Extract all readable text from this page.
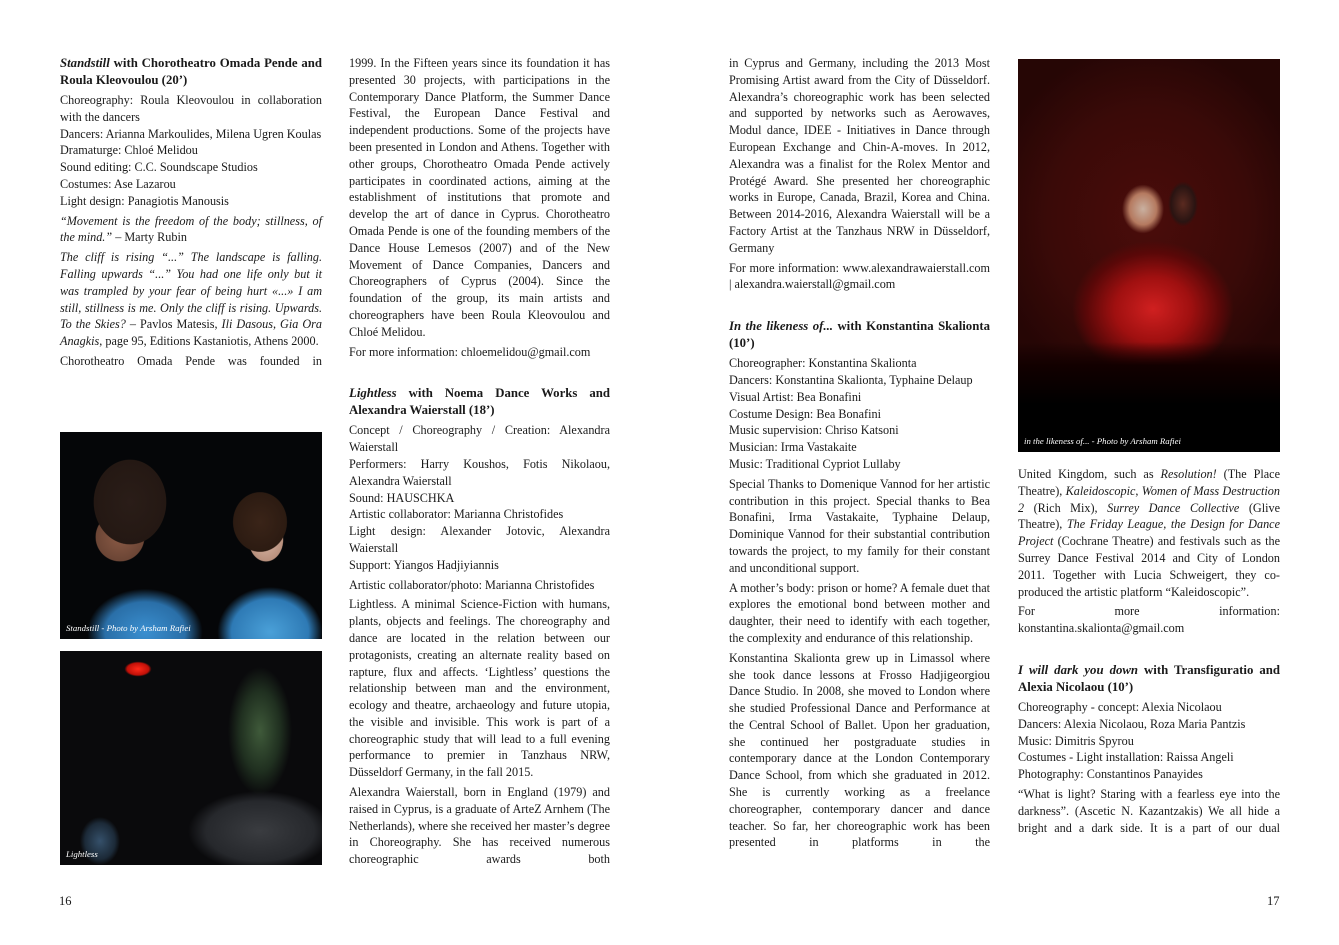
Standstill with Chorotheatro Omada Pende and Roula Kleovoulou (20’)

Choreography: Roula Kleovoulou in collaboration with the dancers

Dancers: Arianna Markoulides, Milena Ugren Koulas

Dramaturge: Chloé Melidou

Sound editing: C.C. Soundscape Studios

Costumes: Ase Lazarou

Light design: Panagiotis Manousis

“Movement is the freedom of the body; stillness, of the mind.” – Marty Rubin

The cliff is rising “...” The landscape is falling. Falling upwards “...” You had one life only but it was trampled by your fear of being hurt «...» I am still, stillness is me. Only the cliff is rising. Upwards. To the Skies? – Pavlos Matesis, Ili Dasous, Gia Ora Anagkis, page 95, Editions Kastaniotis, Athens 2000.

Chorotheatro Omada Pende was founded in

Standstill - Photo by Arsham Rafiei
Lightless

1999. In the Fifteen years since its foundation it has presented 30 projects, with participations in the Contemporary Dance Platform, the Summer Dance Festival, the European Dance Festival and independent productions. Some of the projects have been presented in London and Athens. Together with other groups, Chorotheatro Omada Pende actively participates in coordinated actions, aiming at the establishment of institutions that promote and develop the art of dance in Cyprus. Chorotheatro Omada Pende is one of the founding members of the Dance House Lemesos (2007) and of the New Movement of Dance Companies, Dancers and Choreographers of Cyprus (2004). Since the foundation of the group, its main artists and choreographers have been Roula Kleovoulou and Chloé Melidou.

For more information: chloemelidou@gmail.com

Lightless with Noema Dance Works and Alexandra Waierstall (18’)

Concept / Choreography / Creation: Alexandra Waierstall

Performers: Harry Koushos, Fotis Nikolaou, Alexandra Waierstall

Sound: HAUSCHKA

Artistic collaborator: Marianna Christofides

Light design: Alexander Jotovic, Alexandra Waierstall

Support: Yiangos Hadjiyiannis

Artistic collaborator/photo: Marianna Christofides

Lightless. A minimal Science-Fiction with humans, plants, objects and feelings. The choreography and dance are located in the relation between our protagonists, creating an alternate reality based on rapture, flux and affects. ‘Lightless’ questions the relationship between man and the environment, ecology and theatre, archaeology and future utopia, the visible and invisible. This work is part of a choreographic study that will lead to a full evening performance to premier in Tanzhaus NRW, Düsseldorf Germany, in the fall 2015.

Alexandra Waierstall, born in England (1979) and raised in Cyprus, is a graduate of ArteZ Arnhem (The Netherlands), where she received her master’s degree in Choreography. She has received numerous choreographic awards both

16

in Cyprus and Germany, including the 2013 Most Promising Artist award from the City of Düsseldorf. Alexandra’s choreographic work has been selected and supported by networks such as Aerowaves, Modul dance, IDEE - Initiatives in Dance through European Exchange and Chin-A-moves. In 2012, Alexandra was a finalist for the Rolex Mentor and Protégé Award. She presented her choreographic works in Europe, Canada, Brazil, Korea and China. Between 2014-2016, Alexandra Waierstall will be a Factory Artist at the Tanzhaus NRW in Düsseldorf, Germany

For more information: www.alexandrawaierstall.com | alexandra.waierstall@gmail.com

In the likeness of... with Konstantina Skalionta (10’)

Choreographer: Konstantina Skalionta

Dancers: Konstantina Skalionta, Typhaine Delaup

Visual Artist: Bea Bonafini

Costume Design: Bea Bonafini

Music supervision: Chriso Katsoni

Musician: Irma Vastakaite

Music: Traditional Cypriot Lullaby

Special Thanks to Domenique Vannod for her artistic contribution in this project. Special thanks to Bea Bonafini, Irma Vastakaite, Typhaine Delaup, Dominique Vannod for their substantial contribution towards the project, to my family for their constant and unconditional support.

A mother’s body: prison or home? A female duet that explores the emotional bond between mother and daughter, their need to identify with each together, the complexity and endurance of this relationship.

Konstantina Skalionta grew up in Limassol where she took dance lessons at Frosso Hadjigeorgiou Dance Studio. In 2008, she moved to London where she studied Professional Dance and Performance at the Central School of Ballet. Upon her graduation, she continued her postgraduate studies in contemporary dance at the London Contemporary Dance School, from which she graduated in 2012. She is currently working as a freelance choreographer, contemporary dancer and dance teacher. So far, her choreographic work has been presented in platforms in the

in the likeness of... - Photo by Arsham Rafiei

United Kingdom, such as Resolution! (The Place Theatre), Kaleidoscopic, Women of Mass Destruction 2 (Rich Mix), Surrey Dance Collective (Glive Theatre), The Friday League, the Design for Dance Project (Cochrane Theatre) and festivals such as the Surrey Dance Festival 2014 and City of London 2011. Together with Lucia Schweigert, they co-produced the artistic platform “Kaleidoscopic”.

For more information: konstantina.skalionta@gmail.com

I will dark you down with Transfiguratio and Alexia Nicolaou (10’)

Choreography - concept: Alexia Nicolaou

Dancers: Alexia Nicolaou, Roza Maria Pantzis

Music: Dimitris Spyrou

Costumes - Light installation: Raissa Angeli

Photography: Constantinos Panayides

“What is light? Staring with a fearless eye into the darkness”. (Ascetic N. Kazantzakis) We all hide a bright and a dark side. It is a part of our dual

17
